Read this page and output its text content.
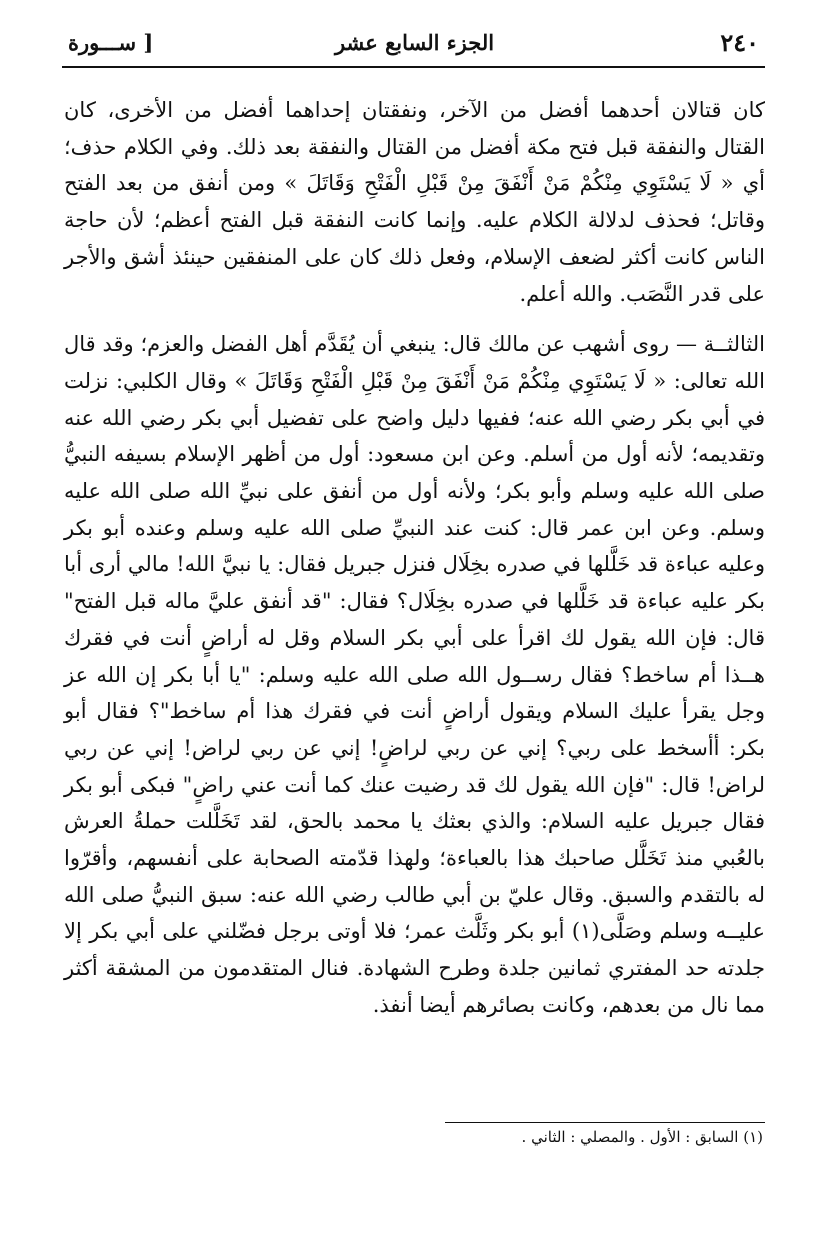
٢٤٠
الجزء السابع عشر
[ ســـورة

كان قتالان أحدهما أفضل من الآخر، ونفقتان إحداهما أفضل من الأخرى، كان القتال والنفقة قبل فتح مكة أفضل من القتال والنفقة بعد ذلك. وفي الكلام حذف؛ أي « لَا يَسْتَوِي مِنْكُمْ مَنْ أَنْفَقَ مِنْ قَبْلِ الْفَتْحِ وَقَاتَلَ » ومن أنفق من بعد الفتح وقاتل؛ فحذف لدلالة الكلام عليه. وإنما كانت النفقة قبل الفتح أعظم؛ لأن حاجة الناس كانت أكثر لضعف الإسلام، وفعل ذلك كان على المنفقين حينئذ أشق والأجر على قدر النَّصَب. والله أعلم.

الثالثــة — روى أشهب عن مالك قال: ينبغي أن يُقَدَّم أهل الفضل والعزم؛ وقد قال الله تعالى: « لَا يَسْتَوِي مِنْكُمْ مَنْ أَنْفَقَ مِنْ قَبْلِ الْفَتْحِ وَقَاتَلَ » وقال الكلبي: نزلت في أبي بكر رضي الله عنه؛ ففيها دليل واضح على تفضيل أبي بكر رضي الله عنه وتقديمه؛ لأنه أول من أسلم. وعن ابن مسعود: أول من أظهر الإسلام بسيفه النبيُّ صلى الله عليه وسلم وأبو بكر؛ ولأنه أول من أنفق على نبيِّ الله صلى الله عليه وسلم. وعن ابن عمر قال: كنت عند النبيِّ صلى الله عليه وسلم وعنده أبو بكر وعليه عباءة قد خَلَّلها في صدره بخِلَال فنزل جبريل فقال: يا نبيَّ الله! مالي أرى أبا بكر عليه عباءة قد خَلَّلها في صدره بخِلَال؟ فقال: "قد أنفق عليَّ ماله قبل الفتح" قال: فإن الله يقول لك اقرأ على أبي بكر السلام وقل له أراضٍ أنت في فقرك هــذا أم ساخط؟ فقال رســول الله صلى الله عليه وسلم: "يا أبا بكر إن الله عز وجل يقرأ عليك السلام ويقول أراضٍ أنت في فقرك هذا أم ساخط"؟ فقال أبو بكر: أأسخط على ربي؟ إني عن ربي لراضٍ! إني عن ربي لراض! إني عن ربي لراض! قال: "فإن الله يقول لك قد رضيت عنك كما أنت عني راضٍ" فبكى أبو بكر فقال جبريل عليه السلام: والذي بعثك يا محمد بالحق، لقد تَخَلَّلت حملةُ العرش بالعُبي منذ تَخَلَّل صاحبك هذا بالعباءة؛ ولهذا قدّمته الصحابة على أنفسهم، وأقرّوا له بالتقدم والسبق. وقال عليّ بن أبي طالب رضي الله عنه: سبق النبيُّ صلى الله عليــه وسلم وصَلَّى(١) أبو بكر وثَلَّث عمر؛ فلا أوتى برجل فضّلني على أبي بكر إلا جلدته حد المفتري ثمانين جلدة وطرح الشهادة. فنال المتقدمون من المشقة أكثر مما نال من بعدهم، وكانت بصائرهم أيضا أنفذ.

(١) السابق : الأول . والمصلي : الثاني .
